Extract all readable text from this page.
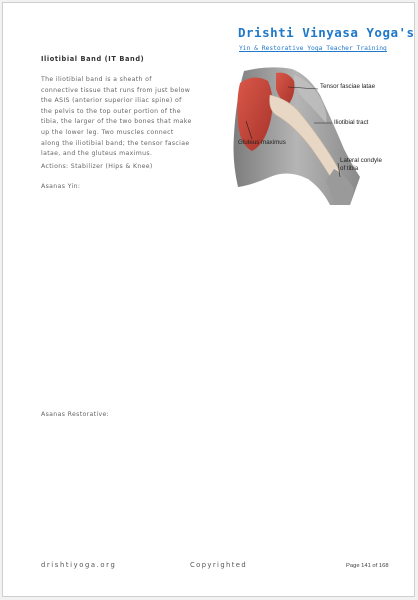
Drishti Vinyasa Yoga's
Yin & Restorative Yoga Teacher Training
Iliotibial Band (IT Band)
The iliotibial band is a sheath of
connective tissue that runs from just below
the ASIS (anterior superior iliac spine) of
the pelvis to the top outer portion of the
tibia, the larger of the two bones that make
up the lower leg. Two muscles connect
along the iliotibial band; the tensor fasciae
latae, and the gluteus maximus.
Actions: Stabilizer (Hips & Knee)
Asanas Yin:
Asanas Restorative:
Tensor fasciae latae
Iliotibial tract
Gluteus maximus
Lateral condyle
of tibia
drishtiyoga.org	Copyrighted	Page 141 of 168
